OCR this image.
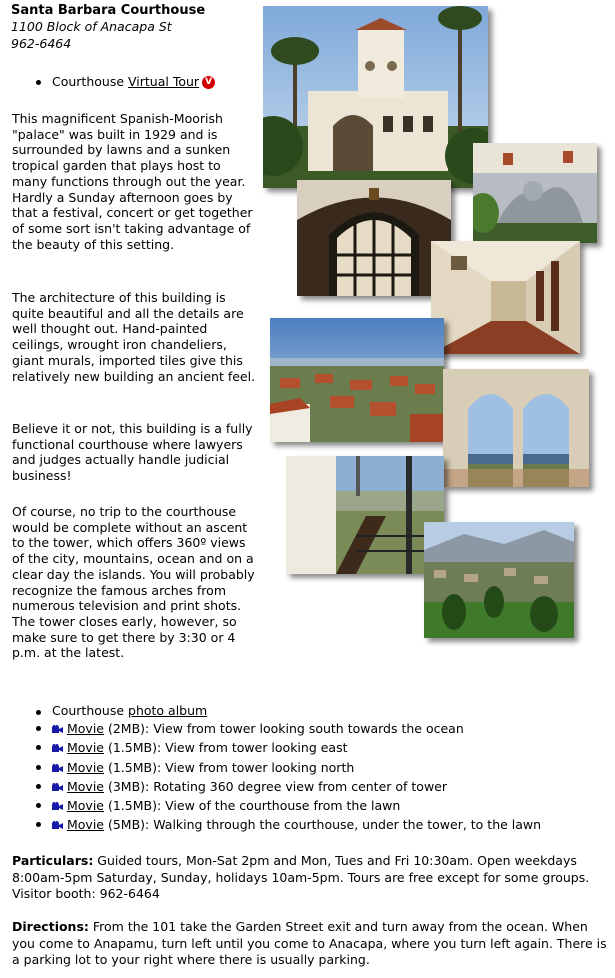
Santa Barbara Courthouse
1100 Block of Anacapa St
962-6464
Courthouse Virtual Tour V
This magnificent Spanish-Moorish "palace" was built in 1929 and is surrounded by lawns and a sunken tropical garden that plays host to many functions through out the year. Hardly a Sunday afternoon goes by that a festival, concert or get together of some sort isn't taking advantage of the beauty of this setting.
The architecture of this building is quite beautiful and all the details are well thought out. Hand-painted ceilings, wrought iron chandeliers, giant murals, imported tiles give this relatively new building an ancient feel.
Believe it or not, this building is a fully functional courthouse where lawyers and judges actually handle judicial business!
Of course, no trip to the courthouse would be complete without an ascent to the tower, which offers 360º views of the city, mountains, ocean and on a clear day the islands. You will probably recognize the famous arches from numerous television and print shots. The tower closes early, however, so make sure to get there by 3:30 or 4 p.m. at the latest.
Courthouse photo album
Movie (2MB): View from tower looking south towards the ocean
Movie (1.5MB): View from tower looking east
Movie (1.5MB): View from tower looking north
Movie (3MB): Rotating 360 degree view from center of tower
Movie (1.5MB): View of the courthouse from the lawn
Movie (5MB): Walking through the courthouse, under the tower, to the lawn
Particulars: Guided tours, Mon-Sat 2pm and Mon, Tues and Fri 10:30am. Open weekdays 8:00am-5pm Saturday, Sunday, holidays 10am-5pm. Tours are free except for some groups. Visitor booth: 962-6464
Directions: From the 101 take the Garden Street exit and turn away from the ocean. When you come to Anapamu, turn left until you come to Anacapa, where you turn left again. There is a parking lot to your right where there is usually parking.
